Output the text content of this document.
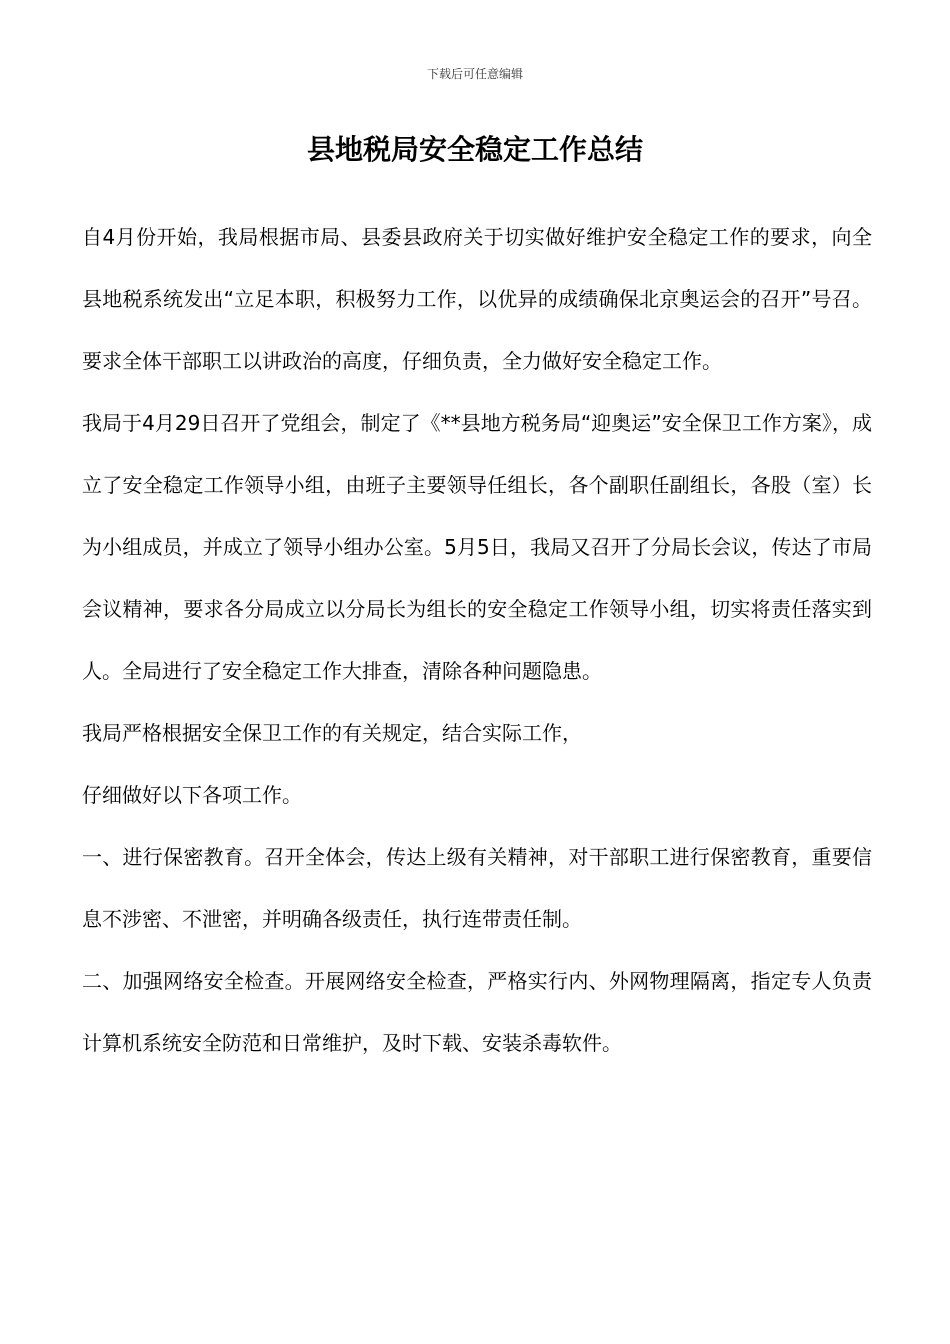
下载后可任意编辑
县地税局安全稳定工作总结

自4月份开始，我局根据市局、县委县政府关于切实做好维护安全稳定工作的要求，向全县地税系统发出“立足本职，积极努力工作，以优异的成绩确保北京奥运会的召开”号召。要求全体干部职工以讲政治的高度，仔细负责，全力做好安全稳定工作。

我局于4月29日召开了党组会，制定了《**县地方税务局“迎奥运”安全保卫工作方案》，成立了安全稳定工作领导小组，由班子主要领导任组长，各个副职任副组长，各股（室）长为小组成员，并成立了领导小组办公室。5月5日，我局又召开了分局长会议，传达了市局会议精神，要求各分局成立以分局长为组长的安全稳定工作领导小组，切实将责任落实到人。全局进行了安全稳定工作大排查，清除各种问题隐患。

我局严格根据安全保卫工作的有关规定，结合实际工作，

仔细做好以下各项工作。

一、进行保密教育。召开全体会，传达上级有关精神，对干部职工进行保密教育，重要信息不涉密、不泄密，并明确各级责任，执行连带责任制。

二、加强网络安全检查。开展网络安全检查，严格实行内、外网物理隔离，指定专人负责计算机系统安全防范和日常维护，及时下载、安装杀毒软件。
